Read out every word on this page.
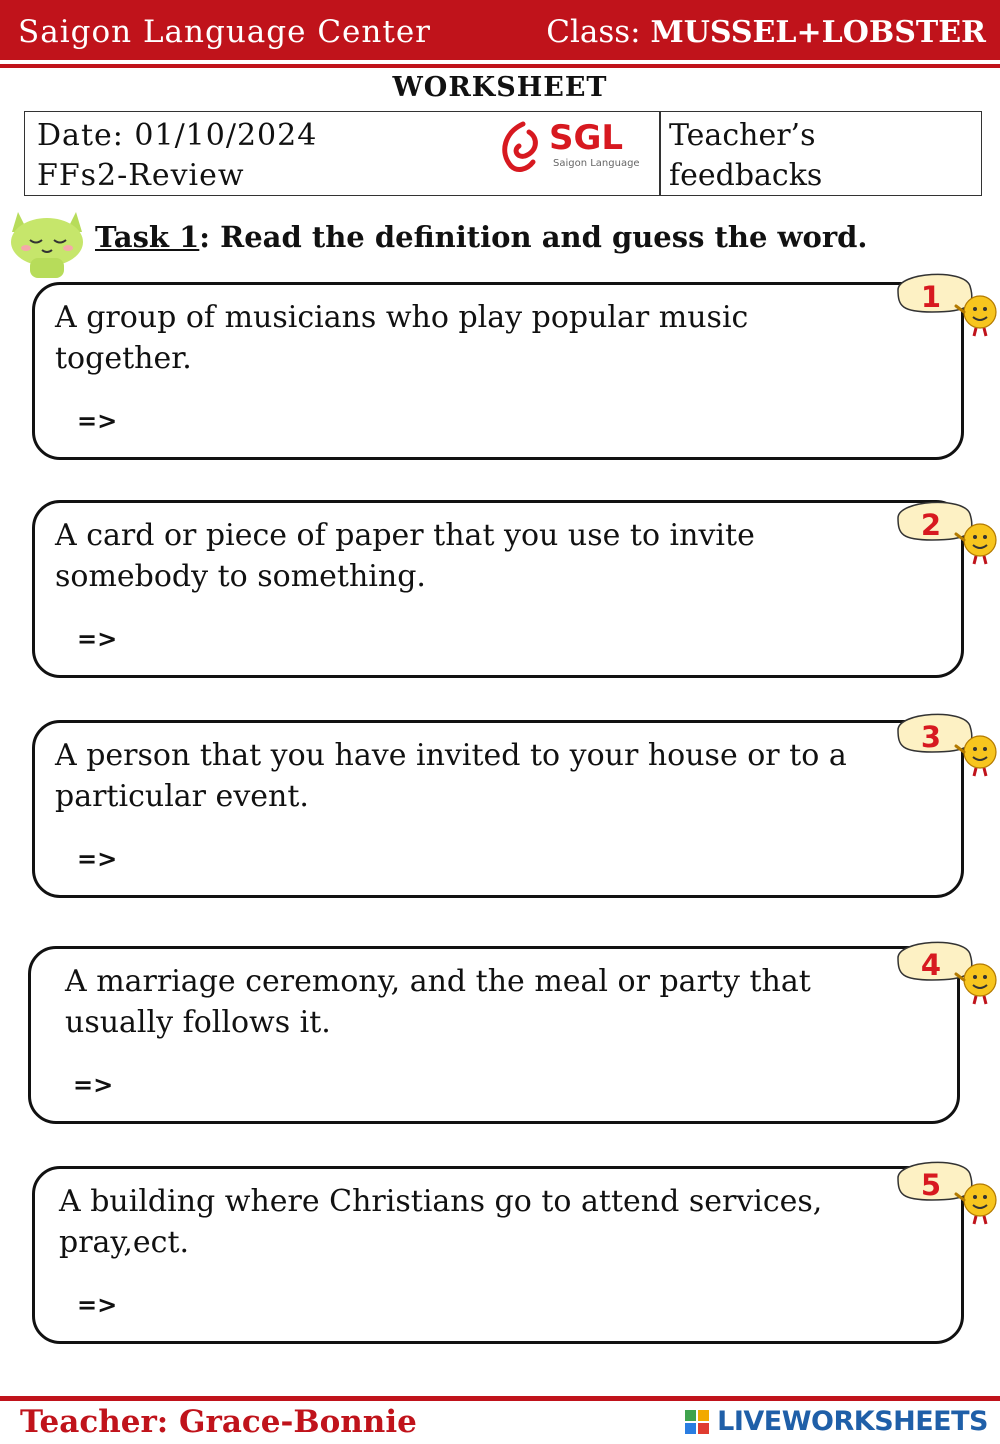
Saigon Language Center	Class: MUSSEL+LOBSTER
WORKSHEET
Date: 01/10/2024
FFs2-Review
SGL
Saigon Language
Teacher’s
feedbacks
Task 1: Read the definition and guess the word.
A group of musicians who play popular music together.
=>
1
A card or piece of paper that you use to invite somebody to something.
=>
2
A person that you have invited to your house or to a particular event.
=>
3
A marriage ceremony, and the meal or party that usually follows it.
=>
4
A building where Christians go to attend services, pray,ect.
=>
5
Teacher: Grace-Bonnie	LIVEWORKSHEETS
